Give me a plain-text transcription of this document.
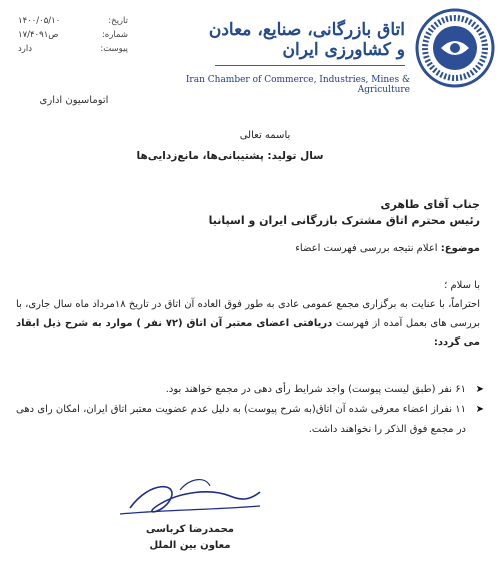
تاریخ:
۱۴۰۰/۰۵/۱۰
شماره:
۱۷/۴۰۹۱ص
پیوست:
دارد
اتوماسیون اداری
اتاق بازرگانی، صنایع، معادن و کشاورزی ایران
Iran Chamber of Commerce, Industries, Mines & Agriculture
باسمه تعالی
سال تولید: پشتیبانی‌ها، مانع‌زدایی‌ها
جناب آقای طاهری
رئیس محترم اتاق مشترک بازرگانی ایران و اسپانیا
موضوع: اعلام نتیجه بررسی فهرست اعضاء
با سلام ؛
احتراماً، با عنایت به برگزاری مجمع عمومی عادی به طور فوق العاده آن اتاق در تاریخ ۱۸مرداد ماه سال جاری، با بررسی های بعمل آمده از فهرست دریافتی اعضای معتبر آن اتاق (۷۲ نفر ) موارد به شرح ذیل ابقاد می گردد:
➤
۶۱ نفر (طبق لیست پیوست) واجد شرایط رأی دهی در مجمع خواهند بود.
➤
۱۱ نفراز اعضاء معرفی شده آن اتاق(به شرح پیوست) به دلیل عدم عضویت معتبر اتاق ایران، امکان رای دهی در مجمع فوق الذکر را نخواهند داشت.
محمدرضا کرباسی
معاون بین الملل
